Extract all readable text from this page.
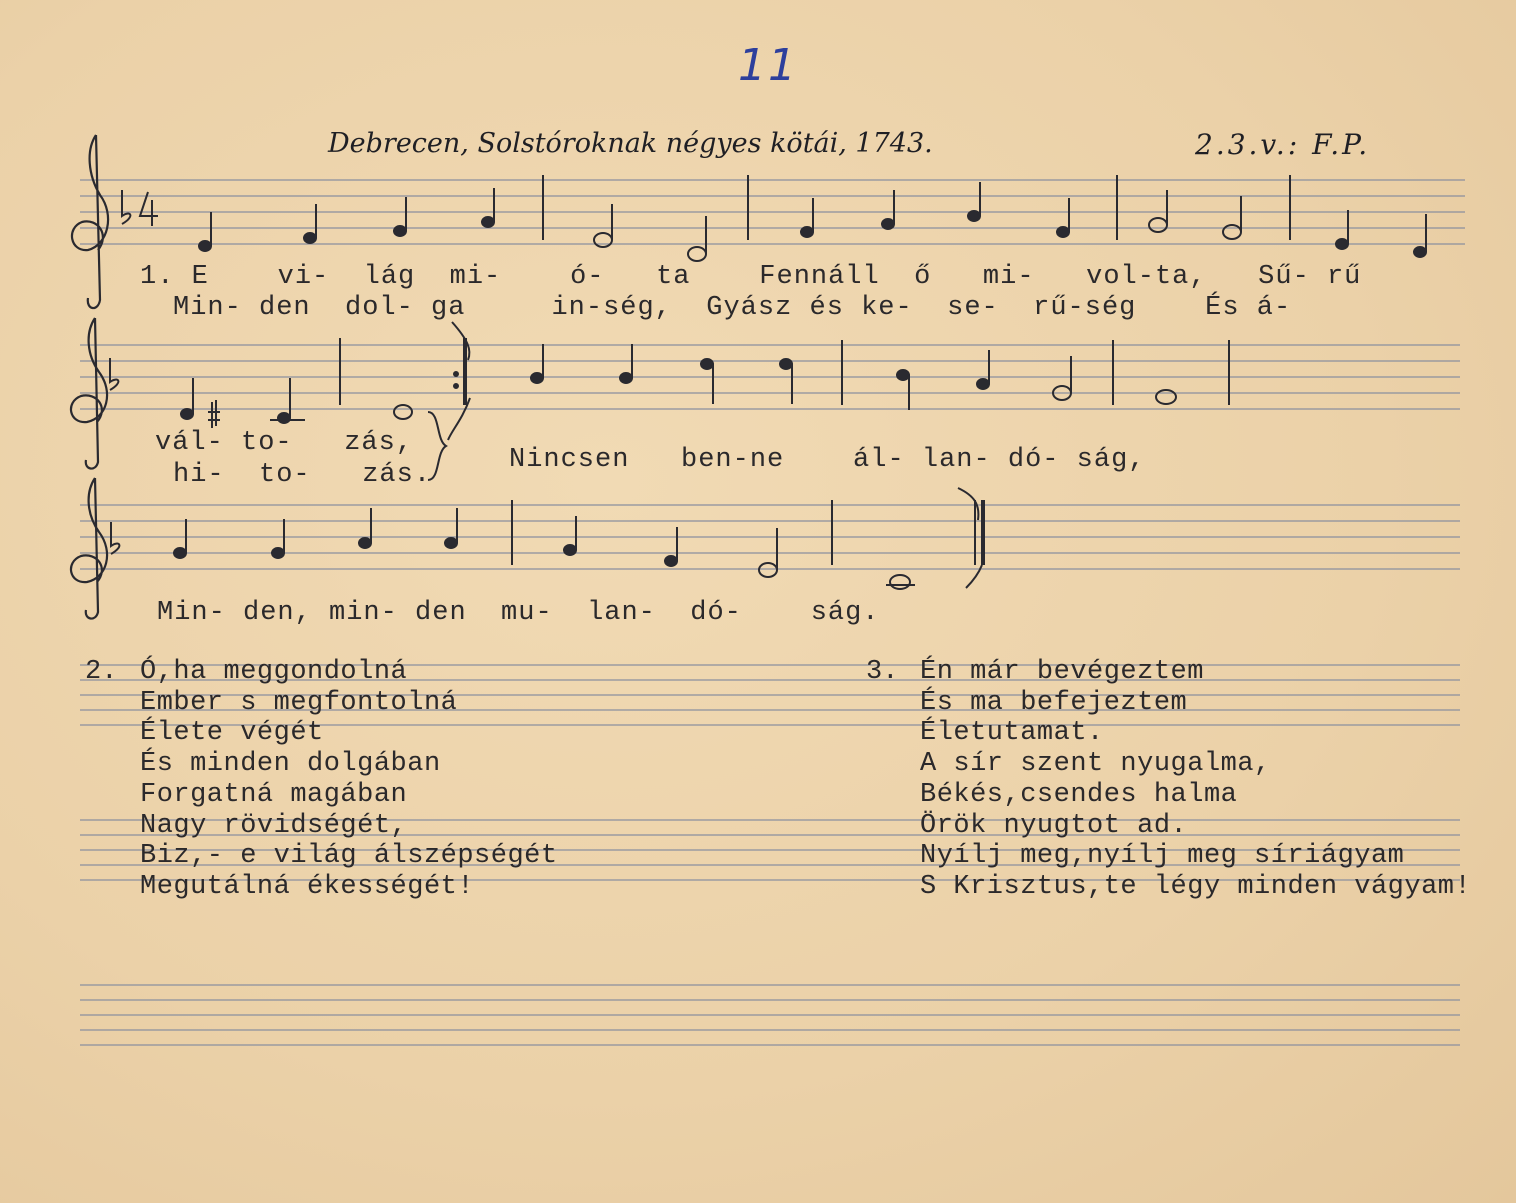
11
Debrecen, Solstóroknak négyes kötái, 1743.	2.3.v.: F.P.
1. E    vi-  lág  mi-    ó-   ta    Fennáll  ő   mi-   vol-ta,   Sű- rű
Min- den  dol- ga     in-ség,  Gyász és ke-  se-  rű-ség    És á-
vál- to-   zás,
hi-  to-   zás.	Nincsen   ben-ne    ál- lan- dó- ság,
Min- den, min- den  mu-  lan-  dó-    ság.
2. Ó,ha meggondolná
Ember s megfontolná
Élete végét
És minden dolgában
Forgatná magában
Nagy rövidségét,
Biz,- e világ álszépségét
Megutálná ékességét!
3. Én már bevégeztem
És ma befejeztem
Életutamat.
A sír szent nyugalma,
Békés,csendes halma
Örök nyugtot ad.
Nyílj meg,nyílj meg síriágyam
S Krisztus,te légy minden vágyam!
